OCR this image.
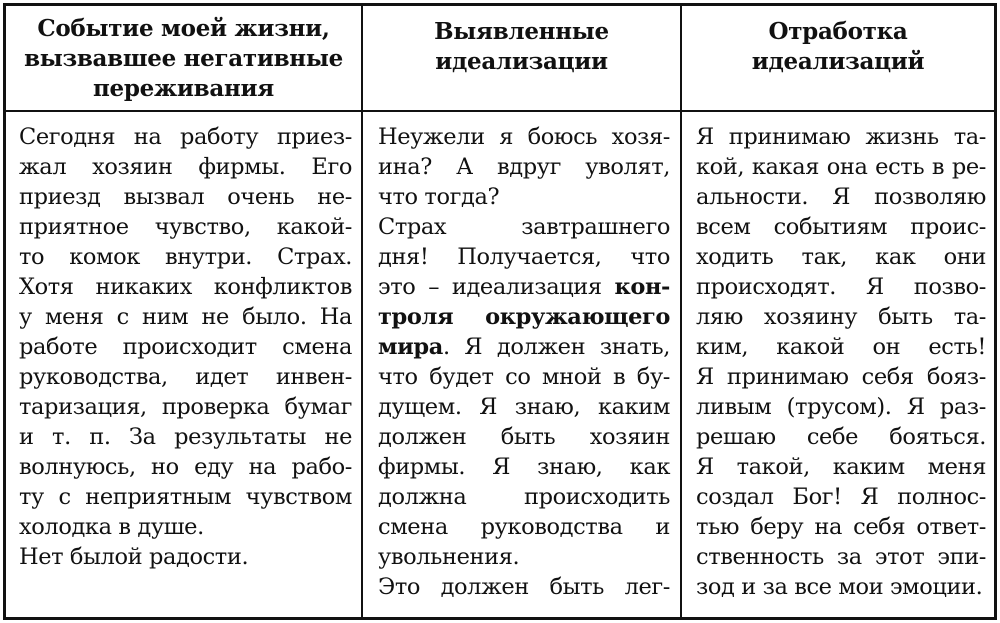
Событие моей жизни,
вызвавшее негативные
переживания
Выявленные
идеализации
Отработка
идеализаций
Сегодня на работу приез-
жал хозяин фирмы. Его
приезд вызвал очень не-
приятное чувство, какой-
то комок внутри. Страх.
Хотя никаких конфликтов
у меня с ним не было. На
работе происходит смена
руководства, идет инвен-
таризация, проверка бумаг
и т. п. За результаты не
волнуюсь, но еду на рабо-
ту с неприятным чувством
холодка в душе.
Нет былой радости.
Неужели я боюсь хозя-
ина? А вдруг уволят,
что тогда?
Страх завтрашнего
дня! Получается, что
это – идеализация кон-
троля окружающего
мира. Я должен знать,
что будет со мной в бу-
дущем. Я знаю, каким
должен быть хозяин
фирмы. Я знаю, как
должна происходить
смена руководства и
увольнения.
Это должен быть лег-
Я принимаю жизнь та-
кой, какая она есть в ре-
альности. Я позволяю
всем событиям проис-
ходить так, как они
происходят. Я позво-
ляю хозяину быть та-
ким, какой он есть!
Я принимаю себя бояз-
ливым (трусом). Я раз-
решаю себе бояться.
Я такой, каким меня
создал Бог! Я полнос-
тью беру на себя ответ-
ственность за этот эпи-
зод и за все мои эмоции.
